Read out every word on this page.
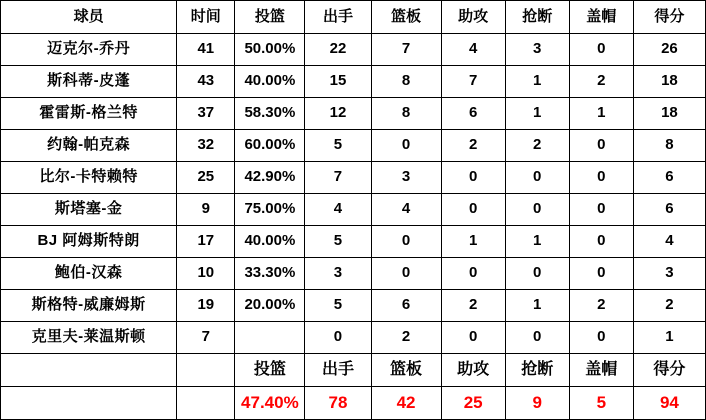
球员	时间	投篮	出手	篮板	助攻	抢断	盖帽	得分
迈克尔-乔丹	41	50.00%	22	7	4	3	0	26
斯科蒂-皮蓬	43	40.00%	15	8	7	1	2	18
霍雷斯-格兰特	37	58.30%	12	8	6	1	1	18
约翰-帕克森	32	60.00%	5	0	2	2	0	8
比尔-卡特赖特	25	42.90%	7	3	0	0	0	6
斯塔塞-金	9	75.00%	4	4	0	0	0	6
BJ 阿姆斯特朗	17	40.00%	5	0	1	1	0	4
鲍伯-汉森	10	33.30%	3	0	0	0	0	3
斯格特-威廉姆斯	19	20.00%	5	6	2	1	2	2
克里夫-莱温斯顿	7		0	2	0	0	0	1
		投篮	出手	篮板	助攻	抢断	盖帽	得分
		47.40%	78	42	25	9	5	94
